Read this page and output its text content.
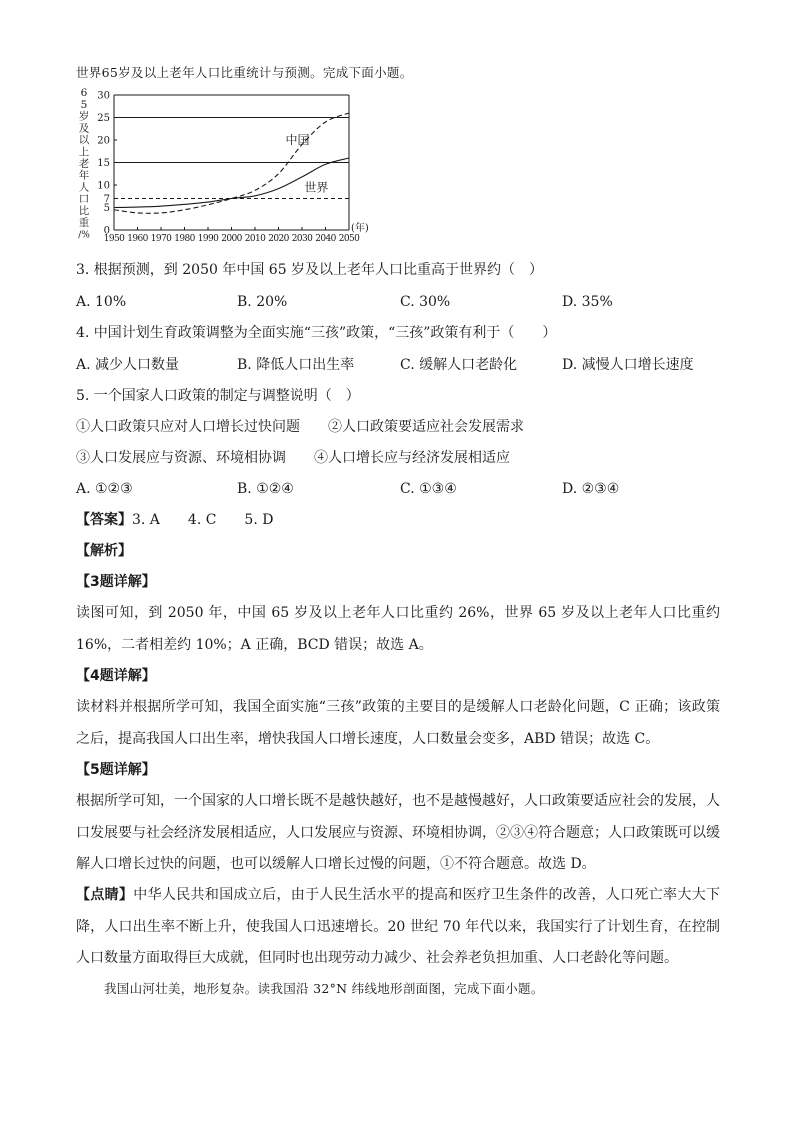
世界65岁及以上老年人口比重统计与预测。完成下面小题。
6
5
岁
及
以
上
老
年
人
口
比
重
/% 0
5
7
10
15
20
25
30
1950 1960 1970 1980 1990 2000 2010 2020 2030 2040 2050
(年)
中国
世界
3. 根据预测，到 2050 年中国 65 岁及以上老年人口比重高于世界约（　）
A. 10%	B. 20%	C. 30%	D. 35%
4. 中国计划生育政策调整为全面实施“三孩”政策，“三孩”政策有利于（　　）
A. 减少人口数量	B. 降低人口出生率	C. 缓解人口老龄化	D. 减慢人口增长速度
5. 一个国家人口政策的制定与调整说明（　）
①人口政策只应对人口增长过快问题 ②人口政策要适应社会发展需求
③人口发展应与资源、环境相协调 ④人口增长应与经济发展相适应
A. ①②③	B. ①②④	C. ①③④	D. ②③④
【答案】3. A　　4. C　　5. D
【解析】
【3题详解】
读图可知，到 2050 年，中国 65 岁及以上老年人口比重约 26%，世界 65 岁及以上老年人口比重约 16%，二者相差约 10%；A 正确，BCD 错误；故选 A。
【4题详解】
读材料并根据所学可知，我国全面实施“三孩”政策的主要目的是缓解人口老龄化问题，C 正确；该政策之后，提高我国人口出生率，增快我国人口增长速度，人口数量会变多，ABD 错误；故选 C。
【5题详解】
根据所学可知，一个国家的人口增长既不是越快越好，也不是越慢越好，人口政策要适应社会的发展，人口发展要与社会经济发展相适应，人口发展应与资源、环境相协调，②③④符合题意；人口政策既可以缓解人口增长过快的问题，也可以缓解人口增长过慢的问题，①不符合题意。故选 D。
【点睛】中华人民共和国成立后，由于人民生活水平的提高和医疗卫生条件的改善，人口死亡率大大下降，人口出生率不断上升，使我国人口迅速增长。20 世纪 70 年代以来，我国实行了计划生育，在控制人口数量方面取得巨大成就，但同时也出现劳动力减少、社会养老负担加重、人口老龄化等问题。
我国山河壮美，地形复杂。读我国沿 32°N 纬线地形剖面图，完成下面小题。
